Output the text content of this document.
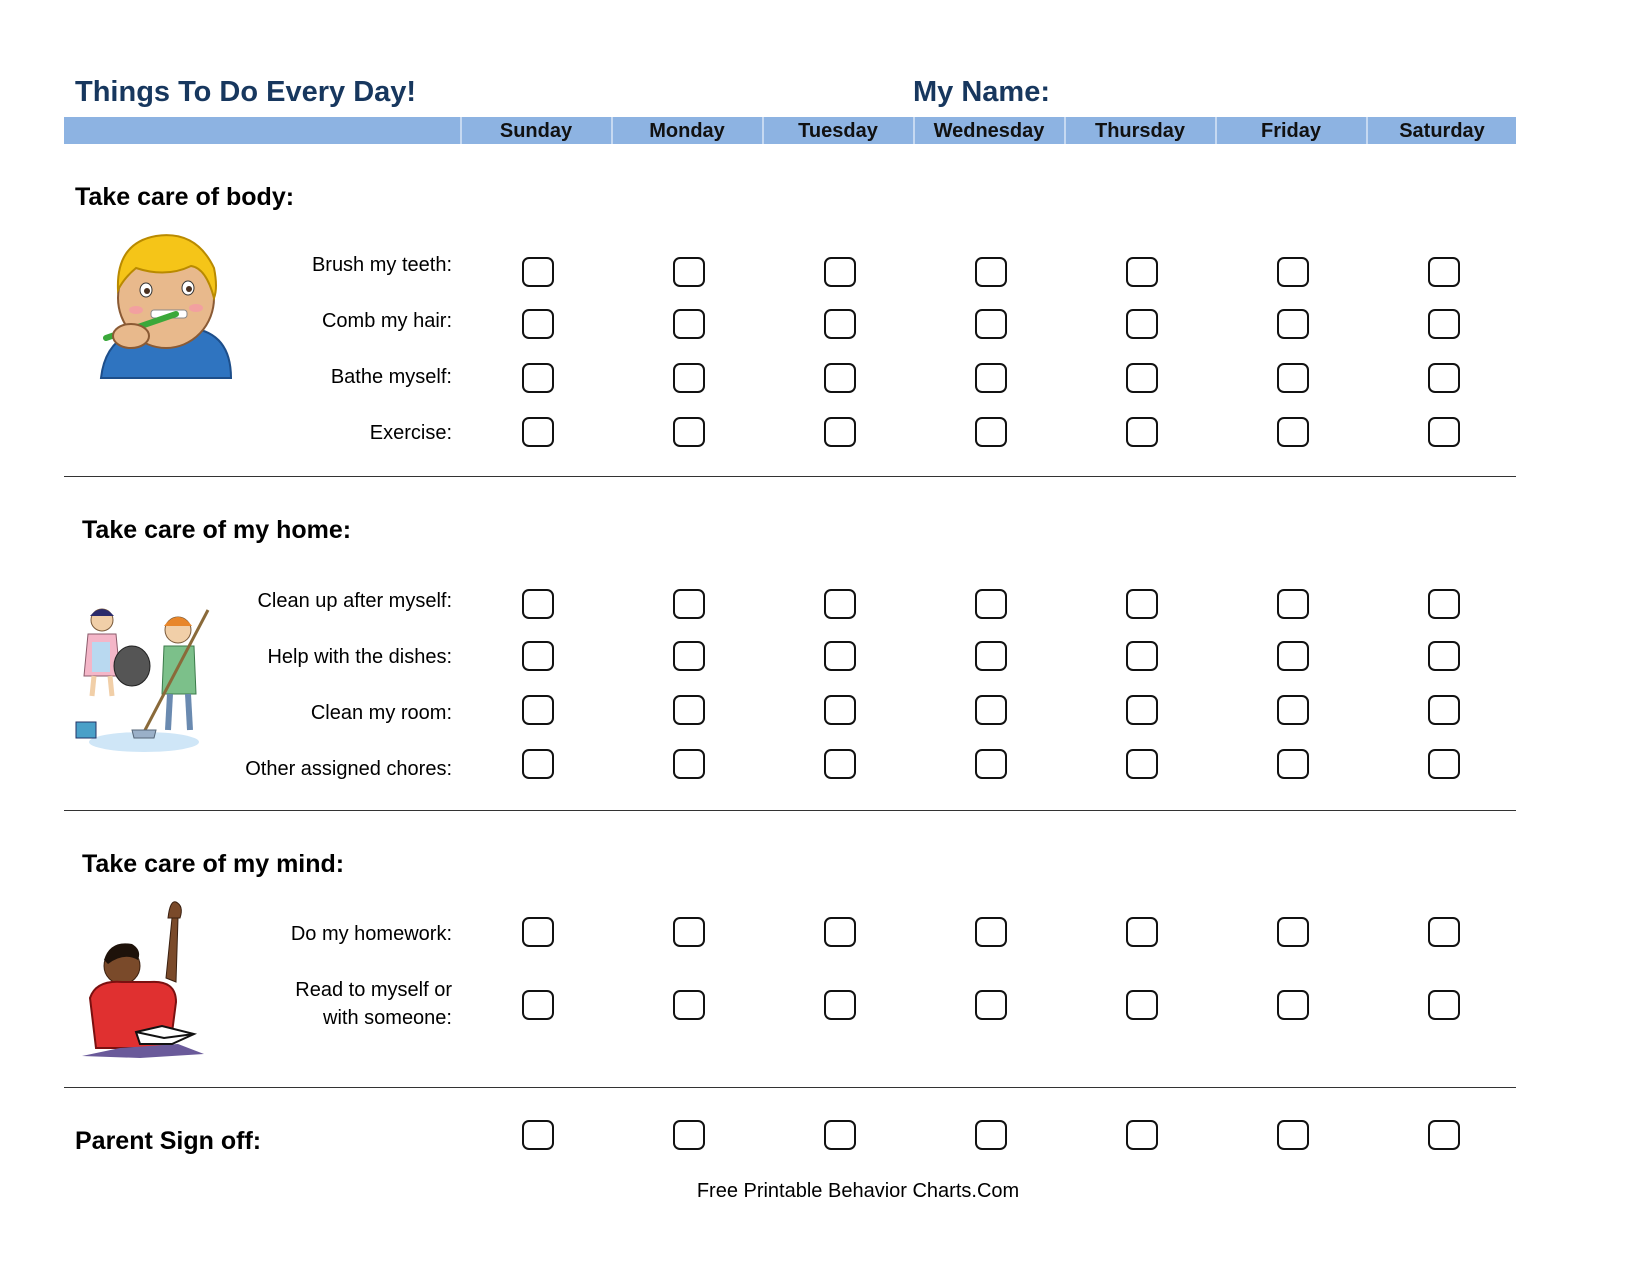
Things To Do Every Day!	My Name:
Sunday	Monday	Tuesday	Wednesday	Thursday	Friday	Saturday
Take care of body:
Brush my teeth:
Comb my hair:
Bathe myself:
Exercise:
Take care of my home:
Clean up after myself:
Help with the dishes:
Clean my room:
Other assigned chores:
Take care of my mind:
Do my homework:
Read to myself or
with someone:
Parent Sign off:
Free Printable Behavior Charts.Com
